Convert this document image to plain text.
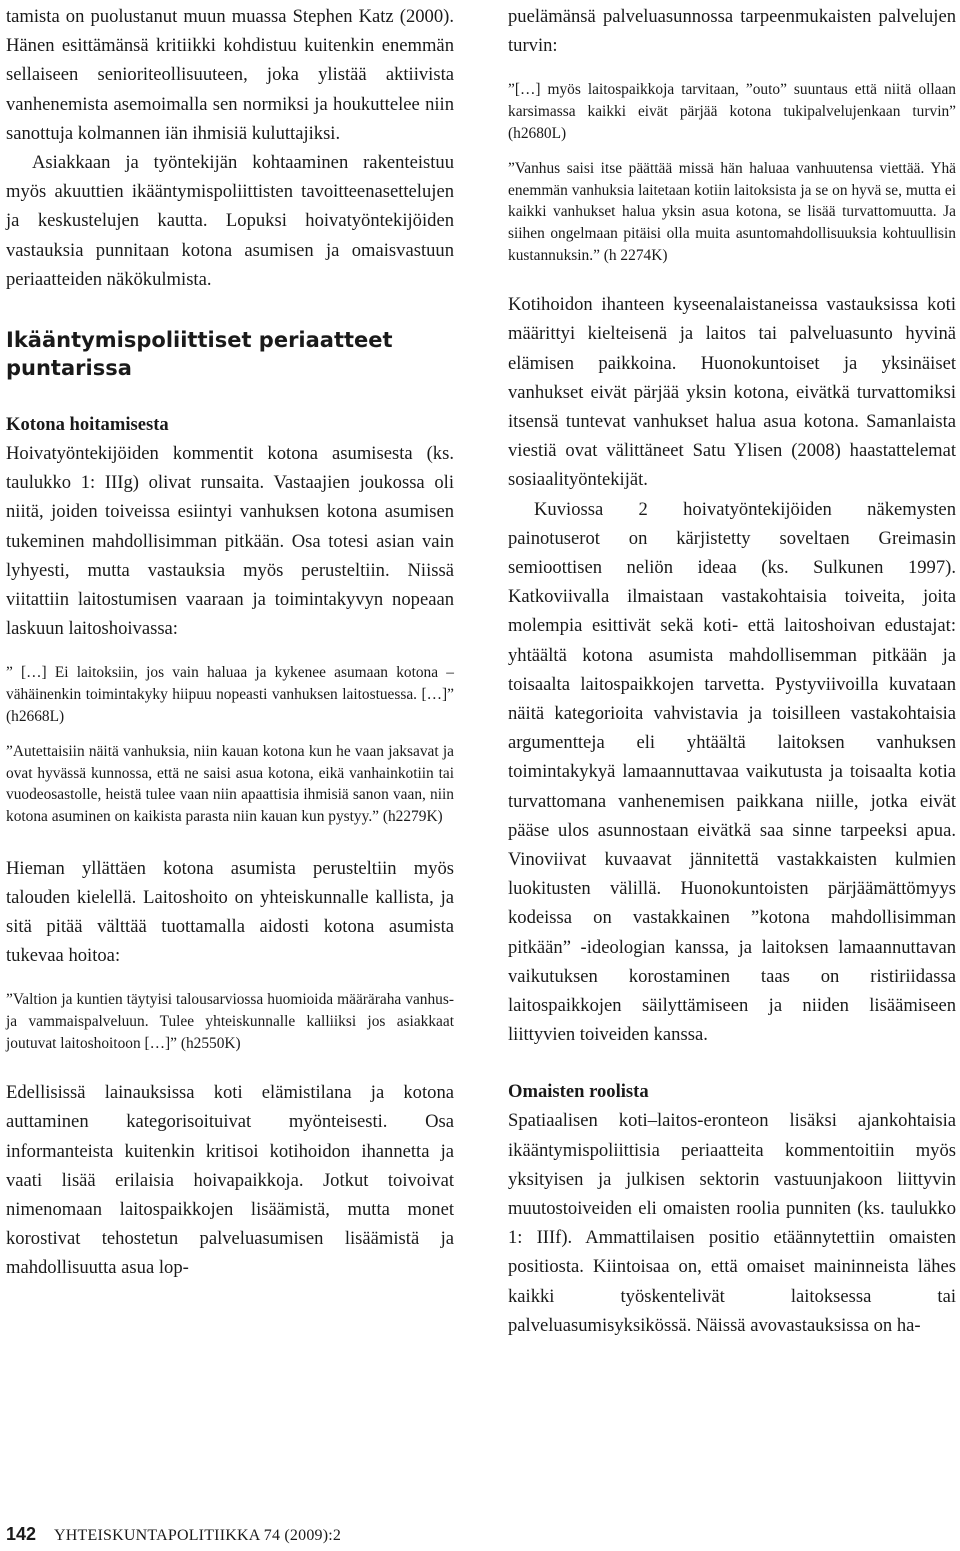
tamista on puolustanut muun muassa Stephen Katz (2000). Hänen esittämänsä kritiikki kohdistuu kuitenkin enemmän sellaiseen senioriteollisuuteen, joka ylistää aktiivista vanhenemista asemoimalla sen normiksi ja houkuttelee niin sanottuja kolmannen iän ihmisiä kuluttajiksi.

Asiakkaan ja työntekijän kohtaaminen rakenteistuu myös akuuttien ikääntymispoliittisten tavoitteenasettelujen ja keskustelujen kautta. Lopuksi hoivatyöntekijöiden vastauksia punnitaan kotona asumisen ja omaisvastuun periaatteiden näkökulmista.

Ikääntymispoliittiset periaatteet puntarissa
Kotona hoitamisesta

Hoivatyöntekijöiden kommentit kotona asumisesta (ks. taulukko 1: IIIg) olivat runsaita. Vastaajien joukossa oli niitä, joiden toiveissa esiintyi vanhuksen kotona asumisen tukeminen mahdollisimman pitkään. Osa totesi asian vain lyhyesti, mutta vastauksia myös perusteltiin. Niissä viitattiin laitostumisen vaaraan ja toimintakyvyn nopeaan laskuun laitoshoivassa:

” […] Ei laitoksiin, jos vain haluaa ja kykenee asumaan kotona – vähäinenkin toimintakyky hiipuu nopeasti vanhuksen laitostuessa. […]” (h2668L)

”Autettaisiin näitä vanhuksia, niin kauan kotona kun he vaan jaksavat ja ovat hyvässä kunnossa, että ne saisi asua kotona, eikä vanhainkotiin tai vuodeosastolle, heistä tulee vaan niin apaattisia ihmisiä sanon vaan, niin kotona asuminen on kaikista parasta niin kauan kun pystyy.” (h2279K)

Hieman yllättäen kotona asumista perusteltiin myös talouden kielellä. Laitoshoito on yhteiskunnalle kallista, ja sitä pitää välttää tuottamalla aidosti kotona asumista tukevaa hoitoa:

”Valtion ja kuntien täytyisi talousarviossa huomioida määräraha vanhus- ja vammaispalveluun. Tulee yhteiskunnalle kalliiksi jos asiakkaat joutuvat laitoshoitoon […]” (h2550K)

Edellisissä lainauksissa koti elämistilana ja kotona auttaminen kategorisoituivat myönteisesti. Osa informanteista kuitenkin kritisoi kotihoidon ihannetta ja vaati lisää erilaisia hoivapaikkoja. Jotkut toivoivat nimenomaan laitospaikkojen lisäämistä, mutta monet korostivat tehostetun palveluasumisen lisäämistä ja mahdollisuutta asua lop-

puelämänsä palveluasunnossa tarpeenmukaisten palvelujen turvin:

”[…] myös laitospaikkoja tarvitaan, ”outo” suuntaus että niitä ollaan karsimassa kaikki eivät pärjää kotona tukipalvelujenkaan turvin” (h2680L)

”Vanhus saisi itse päättää missä hän haluaa vanhuutensa viettää. Yhä enemmän vanhuksia laitetaan kotiin laitoksista ja se on hyvä se, mutta ei kaikki vanhukset halua yksin asua kotona, se lisää turvattomuutta. Ja siihen ongelmaan pitäisi olla muita asuntomahdollisuuksia kohtuullisin kustannuksin.” (h 2274K)

Kotihoidon ihanteen kyseenalaistaneissa vastauksissa koti määrittyi kielteisenä ja laitos tai palveluasunto hyvinä elämisen paikkoina. Huonokuntoiset ja yksinäiset vanhukset eivät pärjää yksin kotona, eivätkä turvattomiksi itsensä tuntevat vanhukset halua asua kotona. Samanlaista viestiä ovat välittäneet Satu Ylisen (2008) haastattelemat sosiaalityöntekijät.

Kuviossa 2 hoivatyöntekijöiden näkemysten painotuserot on kärjistetty soveltaen Greimasin semioottisen neliön ideaa (ks. Sulkunen 1997). Katkoviivalla ilmaistaan vastakohtaisia toiveita, joita molempia esittivät sekä koti- että laitoshoivan edustajat: yhtäältä kotona asumista mahdollisemman pitkään ja toisaalta laitospaikkojen tarvetta. Pystyviivoilla kuvataan näitä kategorioita vahvistavia ja toisilleen vastakohtaisia argumentteja eli yhtäältä laitoksen vanhuksen toimintakykyä lamaannuttavaa vaikutusta ja toisaalta kotia turvattomana vanhenemisen paikkana niille, jotka eivät pääse ulos asunnostaan eivätkä saa sinne tarpeeksi apua. Vinoviivat kuvaavat jännitettä vastakkaisten kulmien luokitusten välillä. Huonokuntoisten pärjäämättömyys kodeissa on vastakkainen ”kotona mahdollisimman pitkään” -ideologian kanssa, ja laitoksen lamaannuttavan vaikutuksen korostaminen taas on ristiriidassa laitospaikkojen säilyttämiseen ja niiden lisäämiseen liittyvien toiveiden kanssa.

Omaisten roolista

Spatiaalisen koti–laitos-eronteon lisäksi ajankohtaisia ikääntymispoliittisia periaatteita kommentoitiin myös yksityisen ja julkisen sektorin vastuunjakoon liittyvin muutostoiveiden eli omaisten roolia punniten (ks. taulukko 1: IIIf). Ammattilaisen positio etäännytettiin omaisten positiosta. Kiintoisaa on, että omaiset maininneista lähes kaikki työskentelivät laitoksessa tai palveluasumisyksikössä. Näissä avovastauksissa on ha-

142 YHTEISKUNTAPOLITIIKKA 74 (2009):2
